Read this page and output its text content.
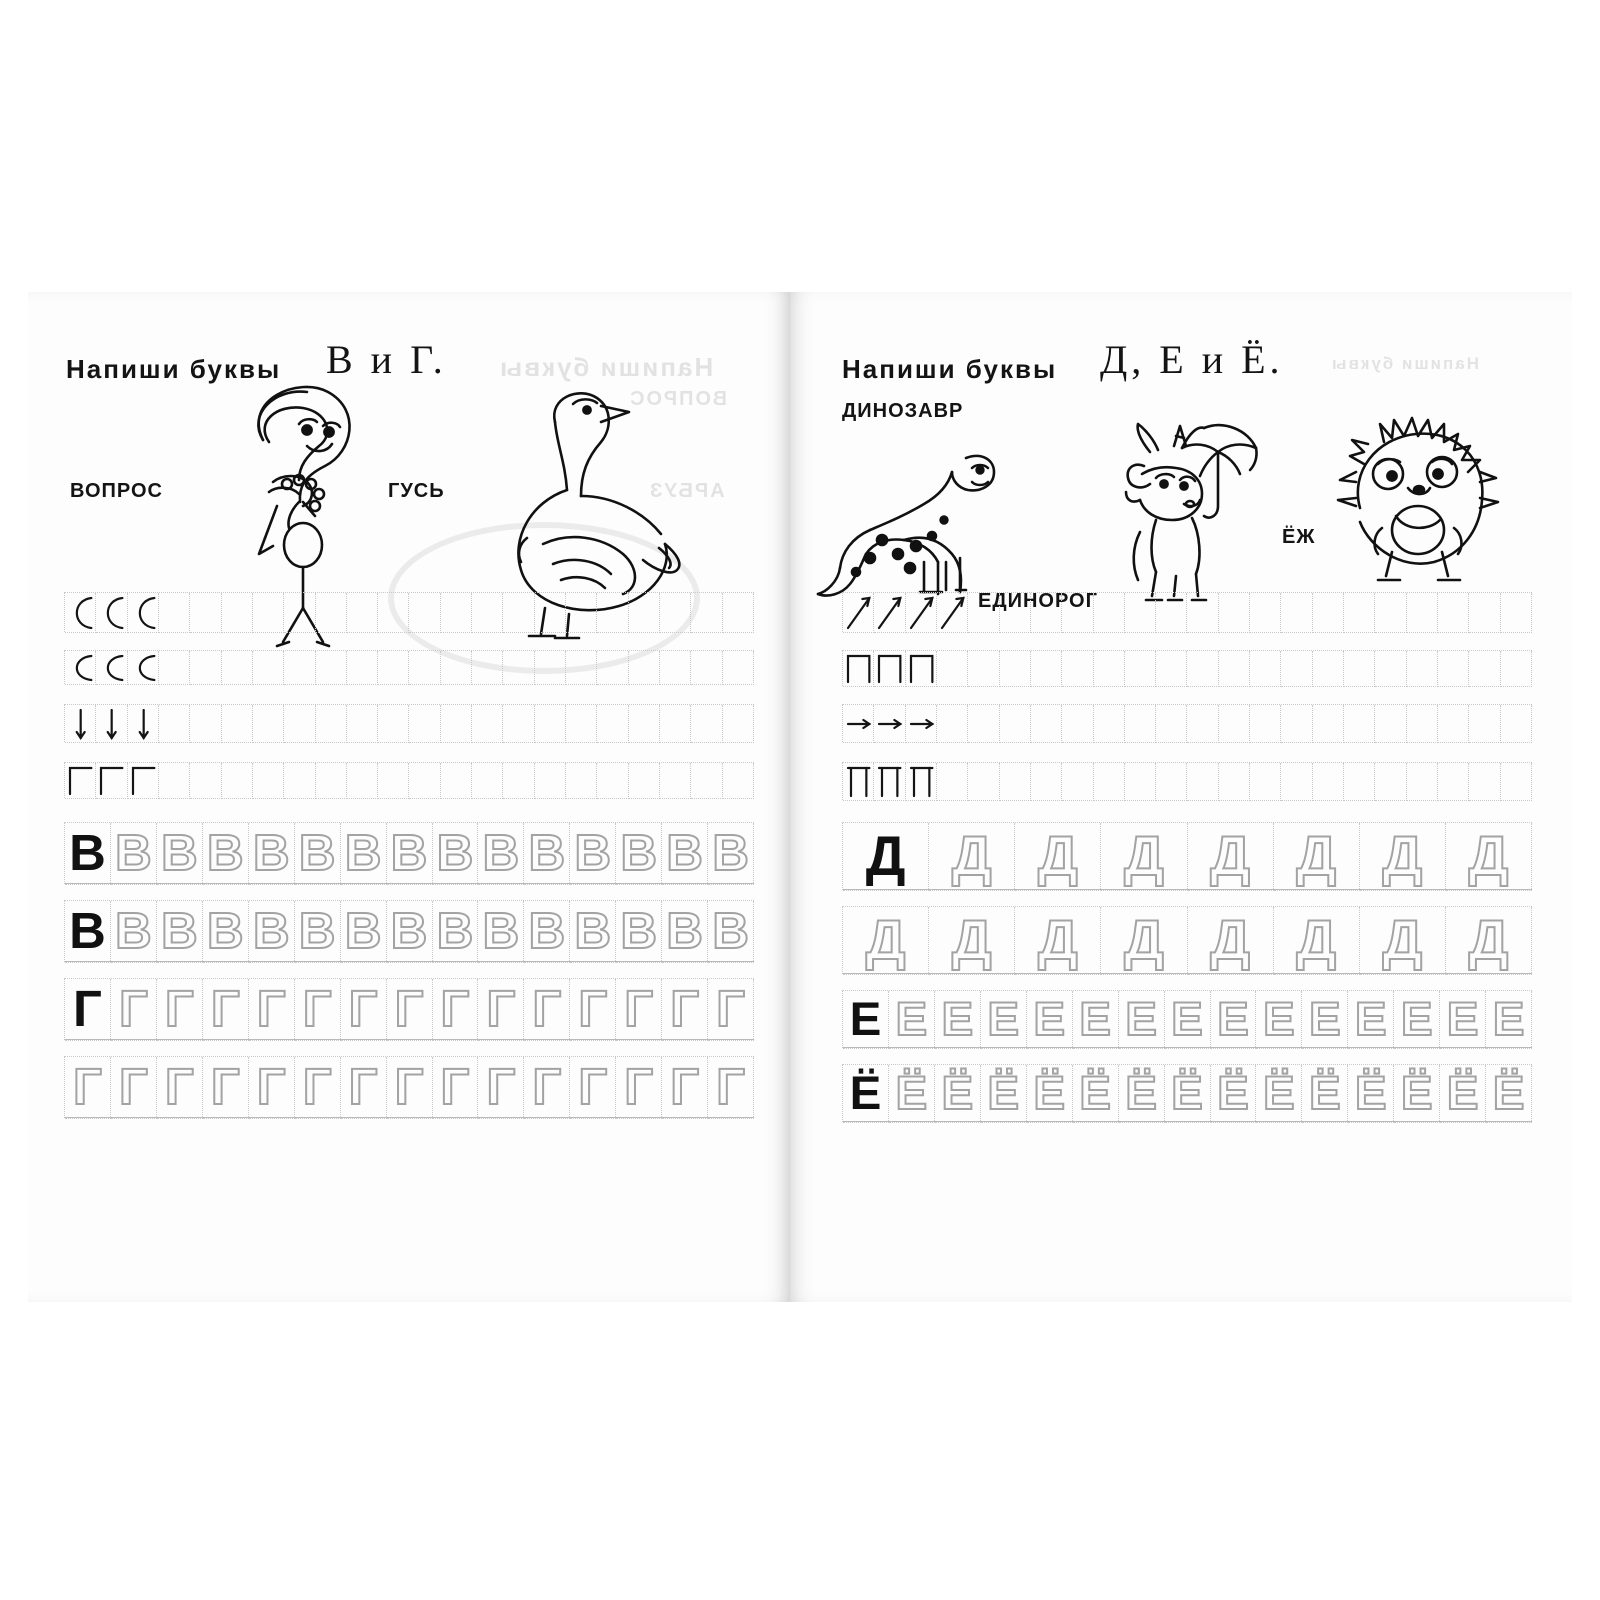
Напиши буквы
ВОПРОС
АРБУЗ
Напиши буквы В и Г.
ВОПРОС	ГУСЬ
В В В В В В В В В В В В В В В
В В В В В В В В В В В В В В В
Г Г Г Г Г Г Г Г Г Г Г Г Г Г Г
Г Г Г Г Г Г Г Г Г Г Г Г Г Г Г
Напиши буквы
Напиши буквы Д, Е и Ё.
ДИНОЗАВР
ЕДИНОРОГ
ЁЖ
Д Д Д Д Д Д Д Д
Д Д Д Д Д Д Д Д
Е Е Е Е Е Е Е Е Е Е Е Е Е Е Е
Ё Ё Ё Ё Ё Ё Ё Ё Ё Ё Ё Ё Ё Ё Ё
